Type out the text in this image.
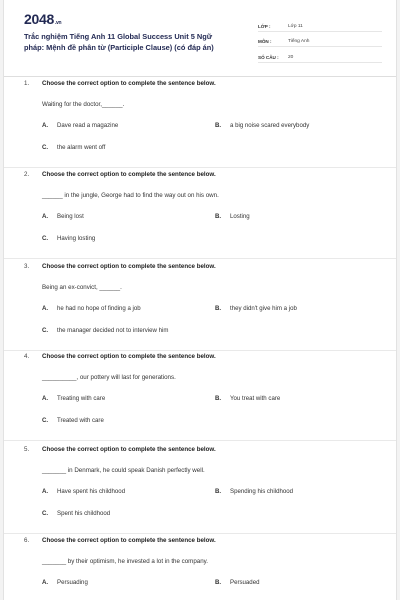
2048.vn
Trắc nghiệm Tiếng Anh 11 Global Success Unit 5 Ngữ pháp: Mệnh đề phân từ (Participle Clause) (có đáp án)
LỚP :	Lớp 11
MÔN :	Tiếng Anh
SỐ CÂU :	20
1. Choose the correct option to complete the sentence below.
Waiting for the doctor,______.
A. Dave read a magazine	B. a big noise scared everybody
C. the alarm went off
2. Choose the correct option to complete the sentence below.
______ in the jungle, George had to find the way out on his own.
A. Being lost	B. Losting
C. Having losting
3. Choose the correct option to complete the sentence below.
Being an ex-convict, ______.
A. he had no hope of finding a job	B. they didn't give him a job
C. the manager decided not to interview him
4. Choose the correct option to complete the sentence below.
__________, our pottery will last for generations.
A. Treating with care	B. You treat with care
C. Treated with care
5. Choose the correct option to complete the sentence below.
_______ in Denmark, he could speak Danish perfectly well.
A. Have spent his childhood	B. Spending his childhood
C. Spent his childhood
6. Choose the correct option to complete the sentence below.
_______ by their optimism, he invested a lot in the company.
A. Persuading	B. Persuaded
